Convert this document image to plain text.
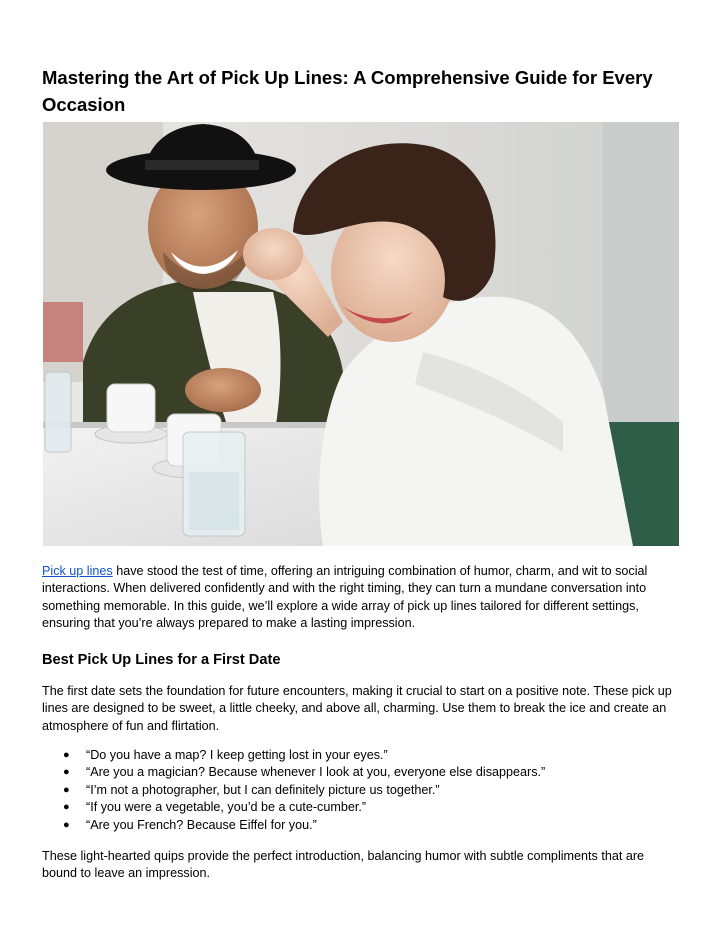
Mastering the Art of Pick Up Lines: A Comprehensive Guide for Every Occasion

Pick up lines have stood the test of time, offering an intriguing combination of humor, charm, and wit to social interactions. When delivered confidently and with the right timing, they can turn a mundane conversation into something memorable. In this guide, we’ll explore a wide array of pick up lines tailored for different settings, ensuring that you’re always prepared to make a lasting impression.

Best Pick Up Lines for a First Date

The first date sets the foundation for future encounters, making it crucial to start on a positive note. These pick up lines are designed to be sweet, a little cheeky, and above all, charming. Use them to break the ice and create an atmosphere of fun and flirtation.

● “Do you have a map? I keep getting lost in your eyes.”
● “Are you a magician? Because whenever I look at you, everyone else disappears.”
● “I’m not a photographer, but I can definitely picture us together.”
● “If you were a vegetable, you’d be a cute-cumber.”
● “Are you French? Because Eiffel for you.”

These light-hearted quips provide the perfect introduction, balancing humor with subtle compliments that are bound to leave an impression.
